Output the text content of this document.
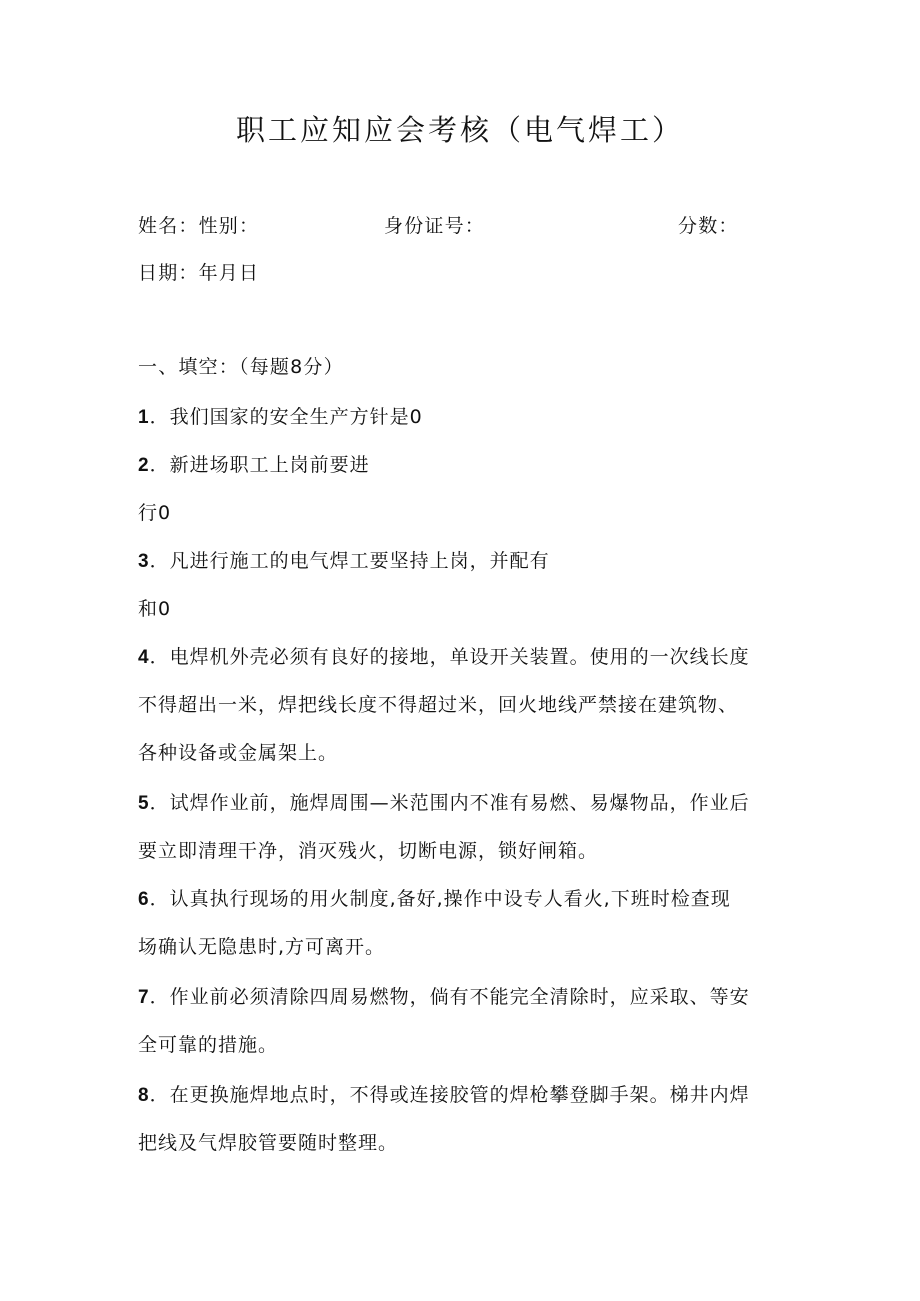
职工应知应会考核（电气焊工）
姓名：性别：	身份证号：	分数：
日期：年月日
一、填空：（每题8分）
1．我们国家的安全生产方针是0
2．新进场职工上岗前要进
行0
3．凡进行施工的电气焊工要坚持上岗，并配有
和0
4．电焊机外壳必须有良好的接地，单设开关装置。使用的一次线长度
不得超出一米，焊把线长度不得超过米，回火地线严禁接在建筑物、
各种设备或金属架上。
5．试焊作业前，施焊周围—米范围内不准有易燃、易爆物品，作业后
要立即清理干净，消灭残火，切断电源，锁好闸箱。
6．认真执行现场的用火制度,备好,操作中设专人看火,下班时检查现
场确认无隐患时,方可离开。
7．作业前必须清除四周易燃物，倘有不能完全清除时，应采取、等安
全可靠的措施。
8．在更换施焊地点时，不得或连接胶管的焊枪攀登脚手架。梯井内焊
把线及气焊胶管要随时整理。
